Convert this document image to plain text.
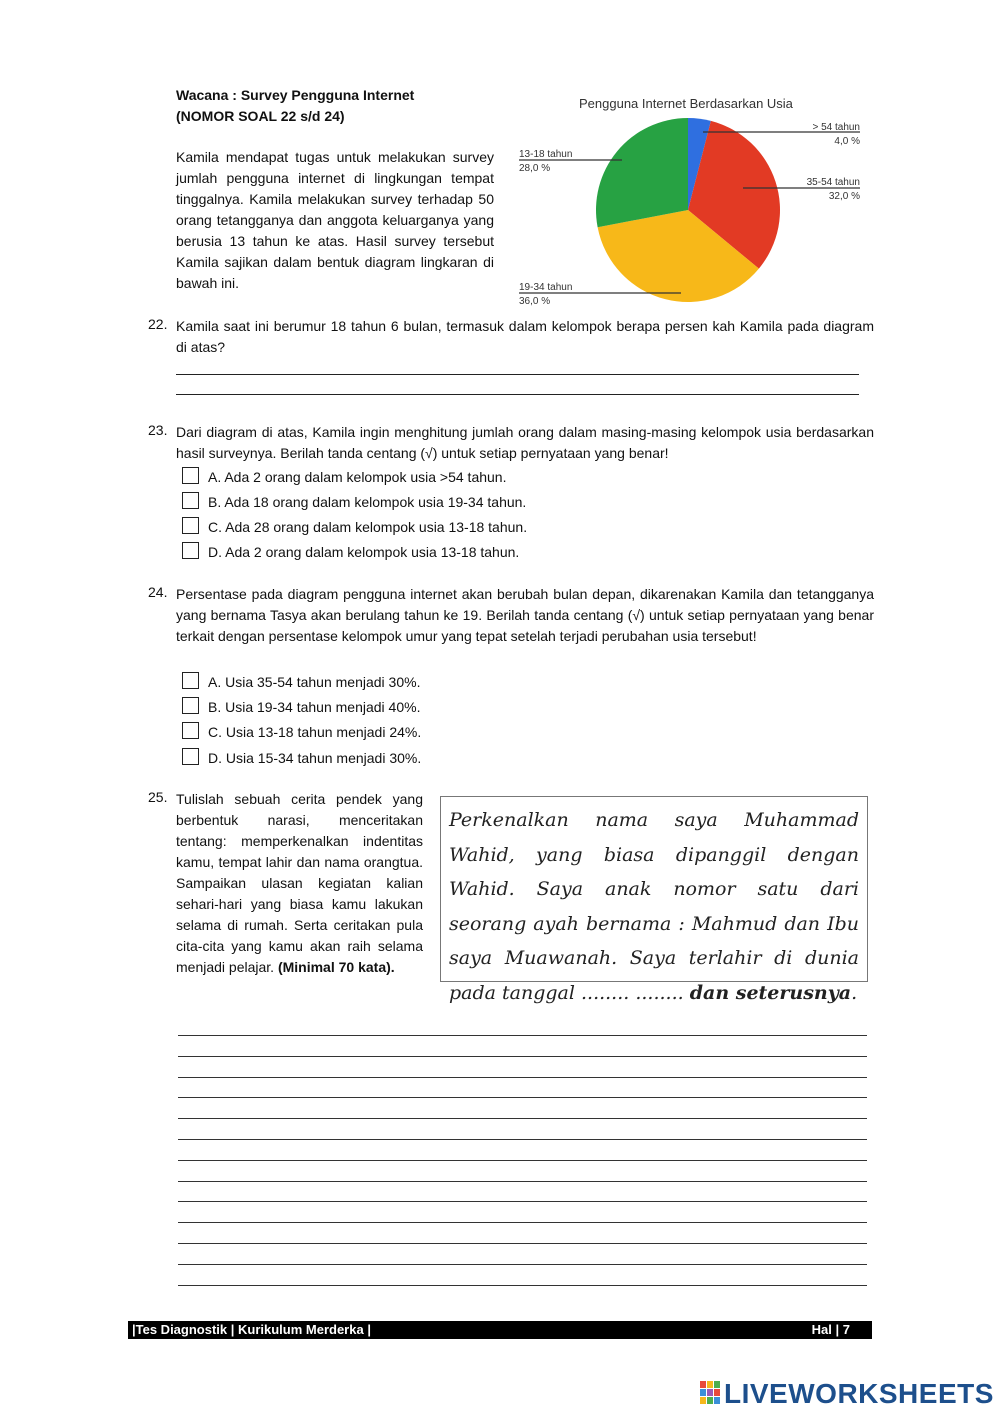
Wacana : Survey Pengguna Internet
(NOMOR SOAL 22 s/d 24)
Kamila mendapat tugas untuk melakukan survey jumlah pengguna internet di lingkungan tempat tinggalnya. Kamila melakukan survey terhadap 50 orang tetangganya dan anggota keluarganya yang berusia 13 tahun ke atas. Hasil survey tersebut Kamila sajikan dalam bentuk diagram lingkaran di bawah ini.
Pengguna Internet Berdasarkan Usia
> 54 tahun
4,0 %
35-54 tahun
32,0 %
19-34 tahun
36,0 %
13-18 tahun
28,0 %
22. Kamila saat ini berumur 18 tahun 6 bulan, termasuk dalam kelompok berapa persen kah Kamila pada diagram di atas?
23. Dari diagram di atas, Kamila ingin menghitung jumlah orang dalam masing-masing kelompok usia berdasarkan hasil surveynya. Berilah tanda centang (√) untuk setiap pernyataan yang benar!
A. Ada 2 orang dalam kelompok usia >54 tahun.
B. Ada 18 orang dalam kelompok usia 19-34 tahun.
C. Ada 28 orang dalam kelompok usia 13-18 tahun.
D. Ada 2 orang dalam kelompok usia 13-18 tahun.
24. Persentase pada diagram pengguna internet akan berubah bulan depan, dikarenakan Kamila dan tetangganya yang bernama Tasya akan berulang tahun ke 19. Berilah tanda centang (√) untuk setiap pernyataan yang benar terkait dengan persentase kelompok umur yang tepat setelah terjadi perubahan usia tersebut!
A. Usia 35-54 tahun menjadi 30%.
B. Usia 19-34 tahun menjadi 40%.
C. Usia 13-18 tahun menjadi 24%.
D. Usia 15-34 tahun menjadi 30%.
25. Tulislah sebuah cerita pendek yang berbentuk narasi, menceritakan tentang: memperkenalkan indentitas kamu, tempat lahir dan nama orangtua. Sampaikan ulasan kegiatan kalian sehari-hari yang biasa kamu lakukan selama di rumah. Serta ceritakan pula cita-cita yang kamu akan raih selama menjadi pelajar. (Minimal 70 kata).
Perkenalkan nama saya Muhammad Wahid, yang biasa dipanggil dengan Wahid. Saya anak nomor satu dari seorang ayah bernama : Mahmud dan Ibu saya Muawanah. Saya terlahir di dunia pada tanggal ........ ........ dan seterusnya.
|Tes Diagnostik | Kurikulum Merderka |	Hal | 7
LIVEWORKSHEETS
